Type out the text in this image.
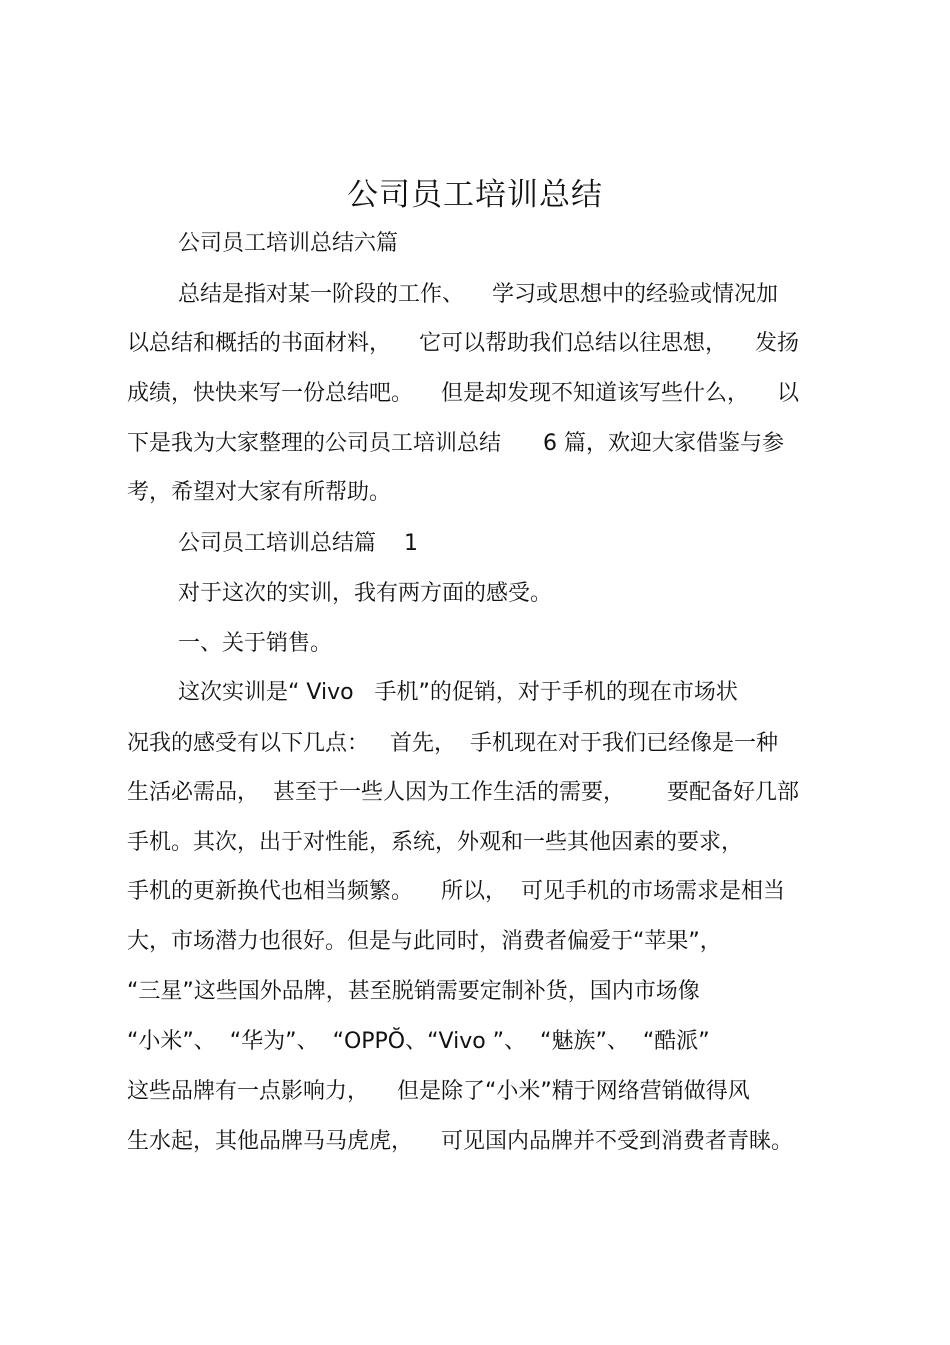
公司员工培训总结

公司员工培训总结六篇

总结是指对某一阶段的工作、    学习或思想中的经验或情况加

以总结和概括的书面材料，    它可以帮助我们总结以往思想，    发扬

成绩，快快来写一份总结吧。    但是却发现不知道该写些什么，    以

下是我为大家整理的公司员工培训总结      6 篇，欢迎大家借鉴与参

考，希望对大家有所帮助。

公司员工培训总结篇    1

对于这次的实训，我有两方面的感受。

一、关于销售。

这次实训是“ Vivo   手机”的促销，对于手机的现在市场状

况我的感受有以下几点：   首先，  手机现在对于我们已经像是一种

生活必需品，  甚至于一些人因为工作生活的需要，      要配备好几部

手机。其次，出于对性能，系统，外观和一些其他因素的要求，

手机的更新换代也相当频繁。    所以，  可见手机的市场需求是相当

大，市场潜力也很好。但是与此同时，消费者偏爱于“苹果”，

“三星”这些国外品牌，甚至脱销需要定制补货，国内市场像

“小米”、  “华为”、  “OPPŎ、“Vivo ”、  “魅族”、  “酷派”

这些品牌有一点影响力，    但是除了“小米”精于网络营销做得风

生水起，其他品牌马马虎虎，    可见国内品牌并不受到消费者青睐。
